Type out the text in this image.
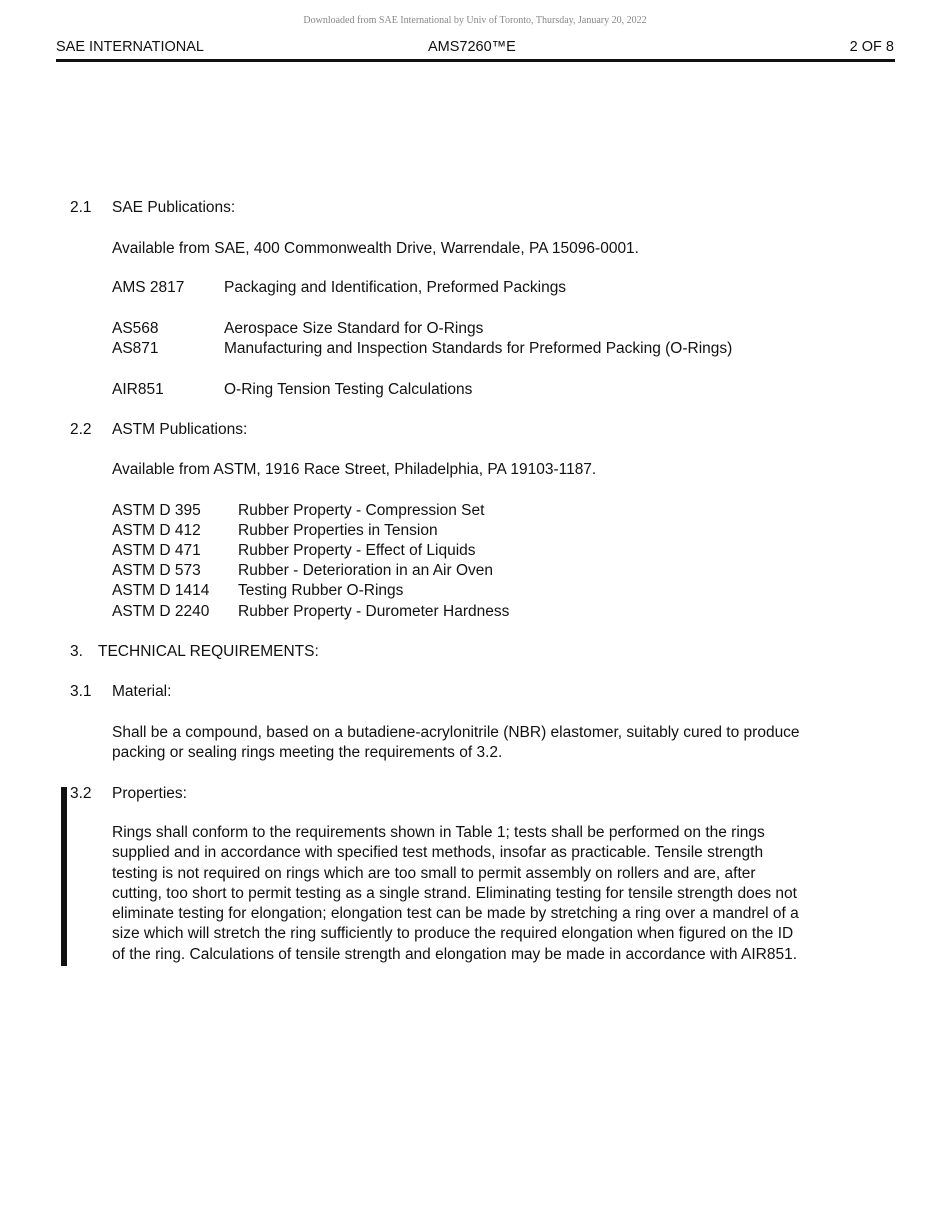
Downloaded from SAE International by Univ of Toronto, Thursday, January 20, 2022
SAE INTERNATIONAL	AMS7260™E	2 OF 8
2.1 SAE Publications:
Available from SAE, 400 Commonwealth Drive, Warrendale, PA 15096-0001.
AMS 2817	Packaging and Identification, Preformed Packings
AS568	Aerospace Size Standard for O-Rings
AS871	Manufacturing and Inspection Standards for Preformed Packing (O-Rings)
AIR851	O-Ring Tension Testing Calculations
2.2 ASTM Publications:
Available from ASTM, 1916 Race Street, Philadelphia, PA 19103-1187.
ASTM D 395 Rubber Property - Compression Set
ASTM D 412 Rubber Properties in Tension
ASTM D 471 Rubber Property - Effect of Liquids
ASTM D 573 Rubber - Deterioration in an Air Oven
ASTM D 1414 Testing Rubber O-Rings
ASTM D 2240 Rubber Property - Durometer Hardness
3. TECHNICAL REQUIREMENTS:
3.1 Material:
Shall be a compound, based on a butadiene-acrylonitrile (NBR) elastomer, suitably cured to produce
packing or sealing rings meeting the requirements of 3.2.
3.2 Properties:
Rings shall conform to the requirements shown in Table 1; tests shall be performed on the rings
supplied and in accordance with specified test methods, insofar as practicable. Tensile strength
testing is not required on rings which are too small to permit assembly on rollers and are, after
cutting, too short to permit testing as a single strand. Eliminating testing for tensile strength does not
eliminate testing for elongation; elongation test can be made by stretching a ring over a mandrel of a
size which will stretch the ring sufficiently to produce the required elongation when figured on the ID
of the ring. Calculations of tensile strength and elongation may be made in accordance with AIR851.
